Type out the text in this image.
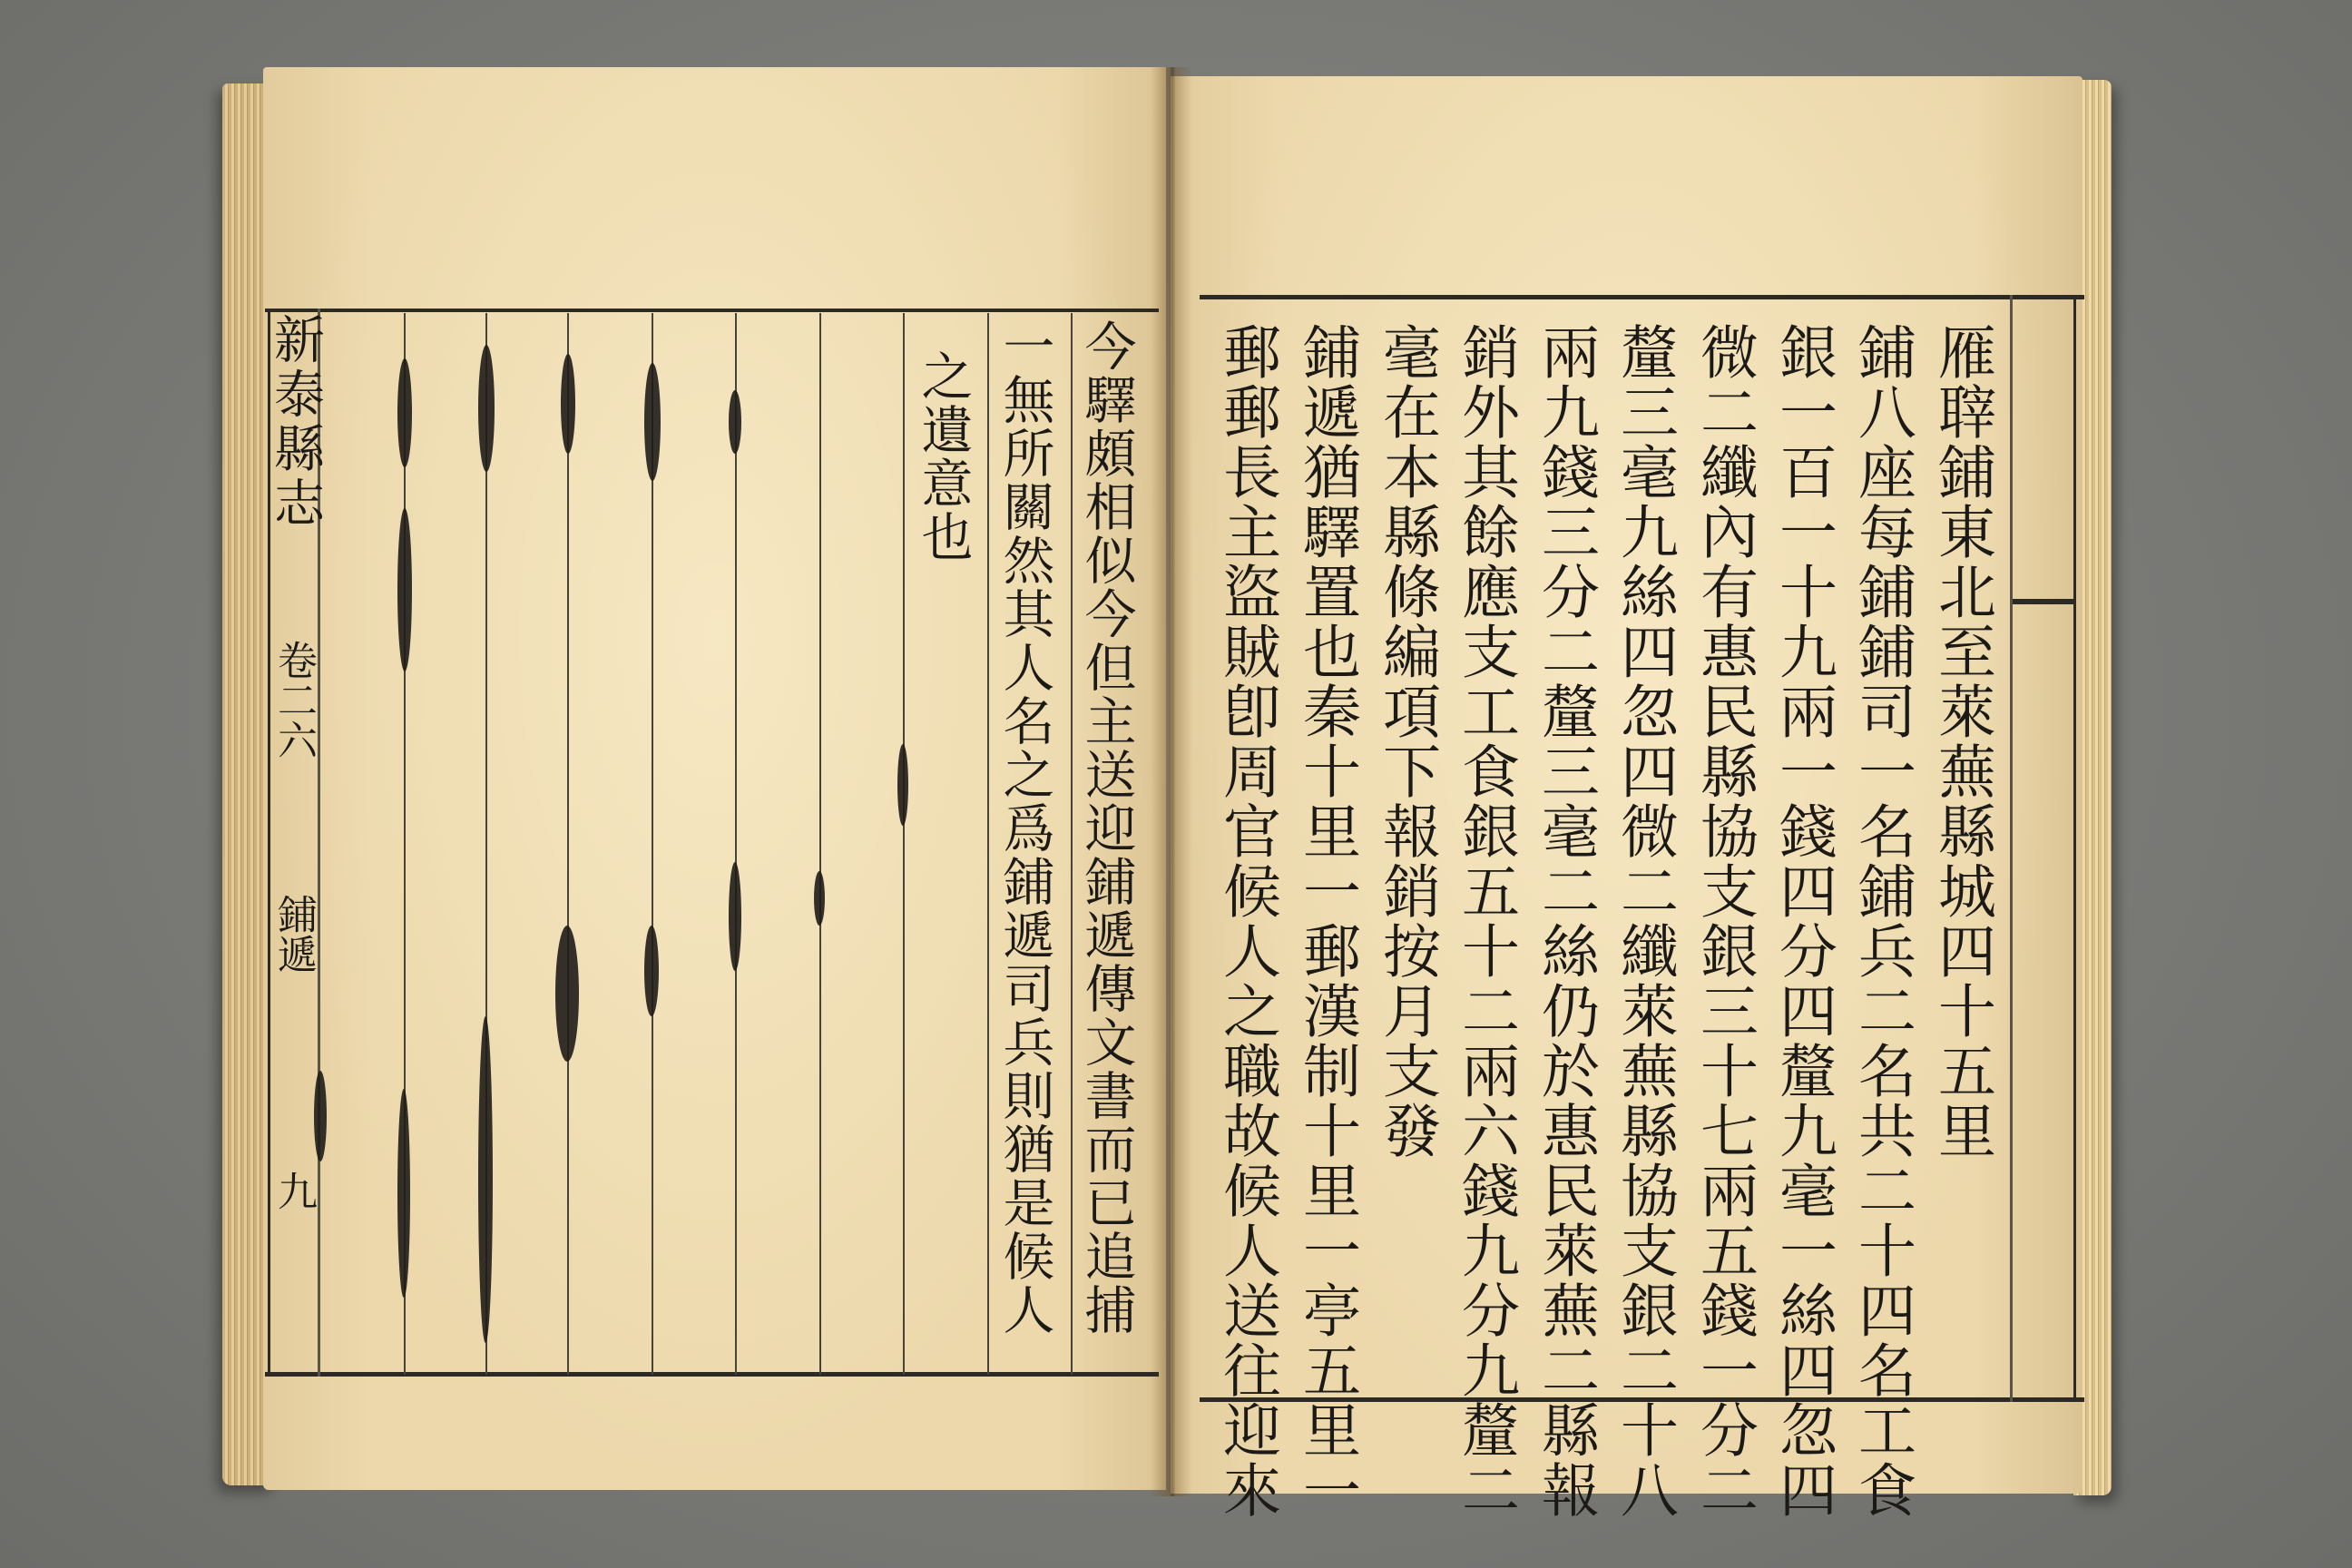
新泰縣志
卷二六
鋪遞
九	今驛頗相似今但主送迎鋪遞傳文書而已追捕
一無所關然其人名之爲鋪遞司兵則猶是候人
之遺意也	雁䏁鋪東北至萊蕪縣城四十五里
鋪八座每鋪鋪司一名鋪兵二名共二十四名工食
銀一百一十九兩一錢四分四釐九毫一絲四忽四
微二纖內有惠民縣協支銀三十七兩五錢一分二
釐三毫九絲四忽四微二纖萊蕪縣協支銀二十八
兩九錢三分二釐三毫二絲仍於惠民萊蕪二縣報
銷外其餘應支工食銀五十二兩六錢九分九釐二
毫在本縣條編項下報銷按月支發
鋪遞猶驛置也秦十里一郵漢制十里一亭五里一
郵郵長主盜賊卽周官候人之職故候人送往迎來
